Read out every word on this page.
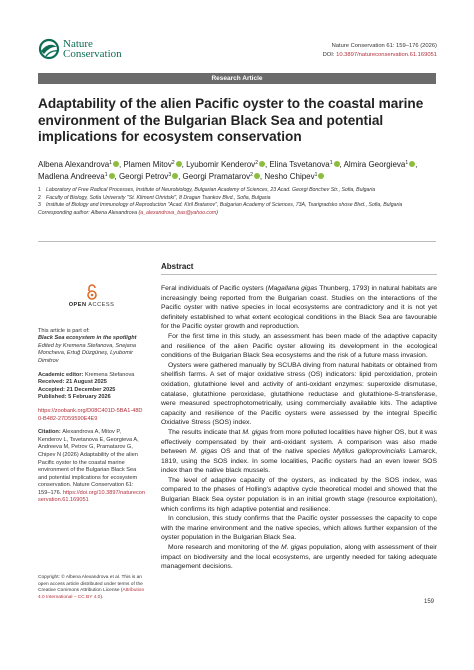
Nature
Conservation
Nature Conservation 61: 159–176 (2026)
DOI: 10.3897/natureconservation.61.169051
Research Article
Adaptability of the alien Pacific oyster to the coastal marine environment of the Bulgarian Black Sea and potential implications for ecosystem conservation
Albena Alexandrova$^1$ , Plamen Mitov$^2$ , Lyubomir Kenderov$^2$ , Elina Tsvetanova$^1$ , Almira Georgieva$^1$ , Madlena Andreeva$^1$ , Georgi Petrov$^3$ , Georgi Pramatarov$^2$ , Nesho Chipev$^1$
1 Laboratory of Free Radical Processes, Institute of Neurobiology, Bulgarian Academy of Sciences, 23 Acad. Georgi Bonchev Str., Sofia, Bulgaria
2 Faculty of Biology, Sofia University "St. Kliment Ohridski", 8 Dragan Tsankov Blvd., Sofia, Bulgaria
3 Institute of Biology and Immunology of Reproduction "Acad. Kiril Bratanov", Bulgarian Academy of Sciences, 73A, Tsarigradsko shose Blvd., Sofia, Bulgaria
Corresponding author: Albena Alexandrova (a_alexandrova_bas@yahoo.com)
OPEN ACCESS
This article is part of:
Black Sea ecosystem in the spotlight
Edited by Kremena Stefanova, Snejana Moncheva, Ertuğ Düzgüneş, Lyubomir Dimitrov
Academic editor: Kremena Stefanova
Received: 21 August 2025
Accepted: 21 December 2025
Published: 5 February 2026
https://zoobank.org/D08C401D-5BA1-48D0-B482-27D59590E4E9
Citation: Alexandrova A, Mitov P, Kenderov L, Tsvetanova E, Georgieva A, Andreeva M, Petrov G, Pramatarov G, Chipev N (2026) Adaptability of the alien Pacific oyster to the coastal marine environment of the Bulgarian Black Sea and potential implications for ecosystem conservation. Nature Conservation 61: 159–176. https://doi.org/10.3897/natureconservation.61.169051
Copyright: © Albena Alexandrova et al. This is an open access article distributed under terms of the Creative Commons Attribution License (Attribution 4.0 International – CC BY 4.0).
Abstract

Feral individuals of Pacific oysters (Magallana gigas Thunberg, 1793) in natural habitats are increasingly being reported from the Bulgarian coast. Studies on the interactions of the Pacific oyster with native species in local ecosystems are contradictory and it is not yet definitely established to what extent ecological conditions in the Black Sea are favourable for the Pacific oyster growth and reproduction.

For the first time in this study, an assessment has been made of the adaptive capacity and resilience of the alien Pacific oyster allowing its development in the ecological conditions of the Bulgarian Black Sea ecosystems and the risk of a future mass invasion.

Oysters were gathered manually by SCUBA diving from natural habitats or obtained from shellfish farms. A set of major oxidative stress (OS) indicators: lipid peroxidation, protein oxidation, glutathione level and activity of anti-oxidant enzymes: superoxide dismutase, catalase, glutathione peroxidase, glutathione reductase and glutathione-S-transferase, were measured spectrophotometrically, using commercially available kits. The adaptive capacity and resilience of the Pacific oysters were assessed by the integral Specific Oxidative Stress (SOS) index.

The results indicate that M. gigas from more polluted localities have higher OS, but it was effectively compensated by their anti-oxidant system. A comparison was also made between M. gigas OS and that of the native species Mytilus galloprovincialis Lamarck, 1819, using the SOS index. In some localities, Pacific oysters had an even lower SOS index than the native black mussels.

The level of adaptive capacity of the oysters, as indicated by the SOS index, was compared to the phases of Holling's adaptive cycle theoretical model and showed that the Bulgarian Black Sea oyster population is in an initial growth stage (resource exploitation), which confirms its high adaptive potential and resilience.

In conclusion, this study confirms that the Pacific oyster possesses the capacity to cope with the marine environment and the native species, which allows further expansion of the oyster population in the Bulgarian Black Sea.

More research and monitoring of the M. gigas population, along with assessment of their impact on biodiversity and the local ecosystems, are urgently needed for taking adequate management decisions.

159
